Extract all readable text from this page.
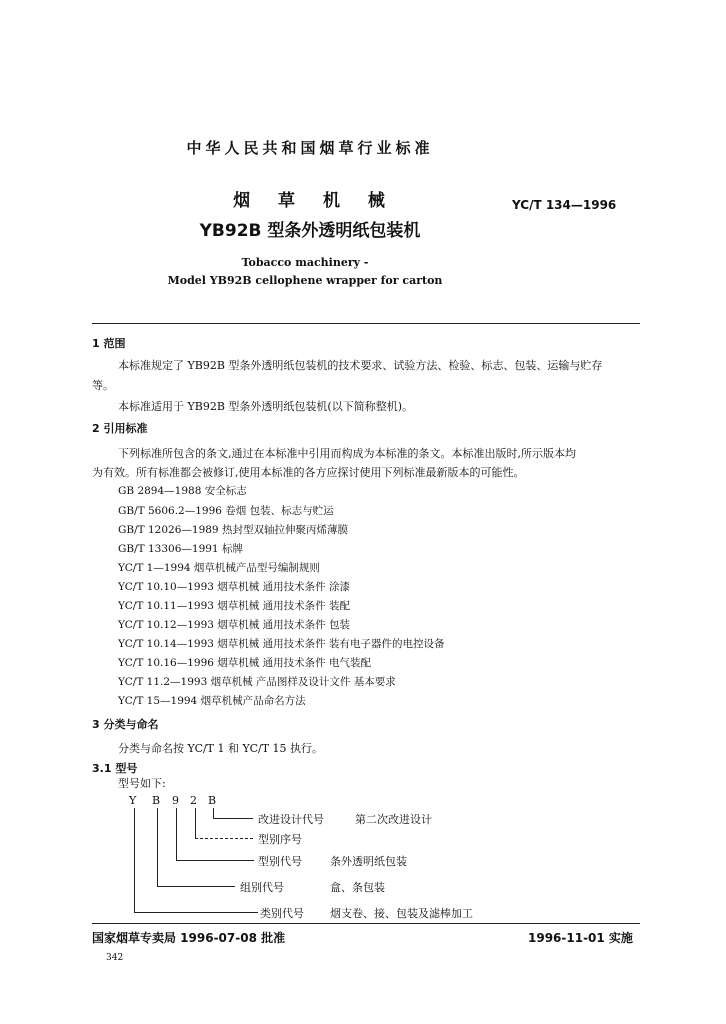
中华人民共和国烟草行业标准
烟 草 机 械
YB92B 型条外透明纸包装机
YC/T 134—1996
Tobacco machinery -
Model YB92B cellophene wrapper for carton
1 范围
本标准规定了 YB92B 型条外透明纸包装机的技术要求、试验方法、检验、标志、包装、运输与贮存
等。
本标准适用于 YB92B 型条外透明纸包装机(以下简称整机)。
2 引用标准
下列标准所包含的条文,通过在本标准中引用而构成为本标准的条文。本标准出版时,所示版本均
为有效。所有标准都会被修订,使用本标准的各方应探讨使用下列标准最新版本的可能性。
GB 2894—1988 安全标志
GB/T 5606.2—1996 卷烟 包装、标志与贮运
GB/T 12026—1989 热封型双轴拉伸聚丙烯薄膜
GB/T 13306—1991 标牌
YC/T 1—1994 烟草机械产品型号编制规则
YC/T 10.10—1993 烟草机械 通用技术条件 涂漆
YC/T 10.11—1993 烟草机械 通用技术条件 装配
YC/T 10.12—1993 烟草机械 通用技术条件 包装
YC/T 10.14—1993 烟草机械 通用技术条件 装有电子器件的电控设备
YC/T 10.16—1996 烟草机械 通用技术条件 电气装配
YC/T 11.2—1993 烟草机械 产品图样及设计文件 基本要求
YC/T 15—1994 烟草机械产品命名方法
3 分类与命名
分类与命名按 YC/T 1 和 YC/T 15 执行。
3.1 型号
型号如下:
Y B 9 2 B
改进设计代号	第二次改进设计
型别序号
型别代号	条外透明纸包装
组别代号	盒、条包装
类别代号 烟支卷、接、包装及滤棒加工
国家烟草专卖局 1996-07-08 批准	1996-11-01 实施
342
